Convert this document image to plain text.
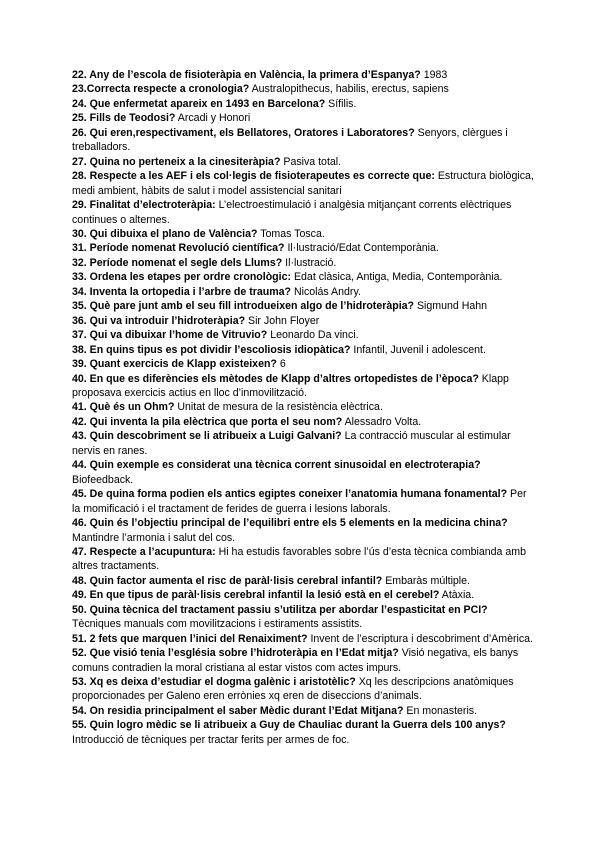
22. Any de l’escola de fisioteràpia en València, la primera d’Espanya? 1983

23.Correcta respecte a cronologia? Australopithecus, habilis, erectus, sapiens

24. Que enfermetat apareix en 1493 en Barcelona? Sífilis.

25. Fills de Teodosi? Arcadi y Honori

26. Qui eren,respectivament, els Bellatores, Oratores i Laboratores? Senyors, clèrgues i treballadors.

27. Quina no perteneix a la cinesiteràpia? Pasiva total.

28. Respecte a les AEF i els col·legis de fisioterapeutes es correcte que: Estructura biològica, medi ambient, hàbits de salut i model assistencial sanitari

29. Finalitat d’electroteràpia: L’electroestimulació i analgèsia mitjançant corrents elèctriques continues o alternes.

30. Qui dibuixa el plano de València? Tomas Tosca.

31. Període nomenat Revolució científica? Il·lustració/Edat Contemporània.

32. Període nomenat el segle dels Llums? Il·lustració.

33. Ordena les etapes per ordre cronològic: Edat clàsica, Antiga, Media, Contemporània.

34. Inventa la ortopedia i l’arbre de trauma? Nicolás Andry.

35. Què pare junt amb el seu fill introdueixen algo de l’hidroteràpia? Sigmund Hahn

36. Qui va introduir l’hidroteràpia? Sir John Floyer

37. Qui va dibuixar l’home de Vitruvio? Leonardo Da vinci.

38. En quins tipus es pot dividir l’escoliosis idiopàtica? Infantil, Juvenil i adolescent.

39. Quant exercicis de Klapp existeixen? 6

40. En que es diferències els mètodes de Klapp d’altres ortopedistes de l’època? Klapp proposava exercicis actius en lloc d’inmovilització.

41. Què és un Ohm? Unitat de mesura de la resistència elèctrica.

42. Qui inventa la pila elèctrica que porta el seu nom? Alessadro Volta.

43. Quin descobriment se li atribueix a Luigi Galvani? La contracció muscular al estimular nervis en ranes.

44. Quin exemple es considerat una tècnica corrent sinusoidal en electroterapia? Biofeedback.

45. De quina forma podien els antics egiptes coneixer l’anatomia humana fonamental? Per la momificació i el tractament de ferides de guerra i lesions laborals.

46. Quin és l’objectiu principal de l’equilibri entre els 5 elements en la medicina china? Mantindre l’armonia i salut del cos.

47. Respecte a l’acupuntura: Hi ha estudis favorables sobre l’ús d’esta tècnica combianda amb altres tractaments.

48. Quin factor aumenta el risc de paràl·lisis cerebral infantil? Embaràs múltiple.

49. En que tipus de paràl·lisis cerebral infantil la lesió està en el cerebel? Atàxia.

50. Quina tècnica del tractament passiu s’utilitza per abordar l’espasticitat en PCI? Tècniques manuals com movilitzacions i estiraments assistits.

51. 2 fets que marquen l’inici del Renaiximent? Invent de l’escriptura i descobriment d’Amèrica.

52. Que visió tenia l’església sobre l’hidroteràpia en l’Edat mitja? Visió negativa, els banys comuns contradien la moral cristiana al estar vistos com actes impurs.

53. Xq es deixa d’estudiar el dogma galènic i aristotèlic? Xq les descripcions anatòmiques proporcionades per Galeno eren errònies xq eren de diseccions d’animals.

54. On residia principalment el saber Mèdic durant l’Edat Mitjana? En monasteris.

55. Quin logro mèdic se li atribueix a Guy de Chauliac durant la Guerra dels 100 anys? Introducció de tècniques per tractar ferits per armes de foc.
